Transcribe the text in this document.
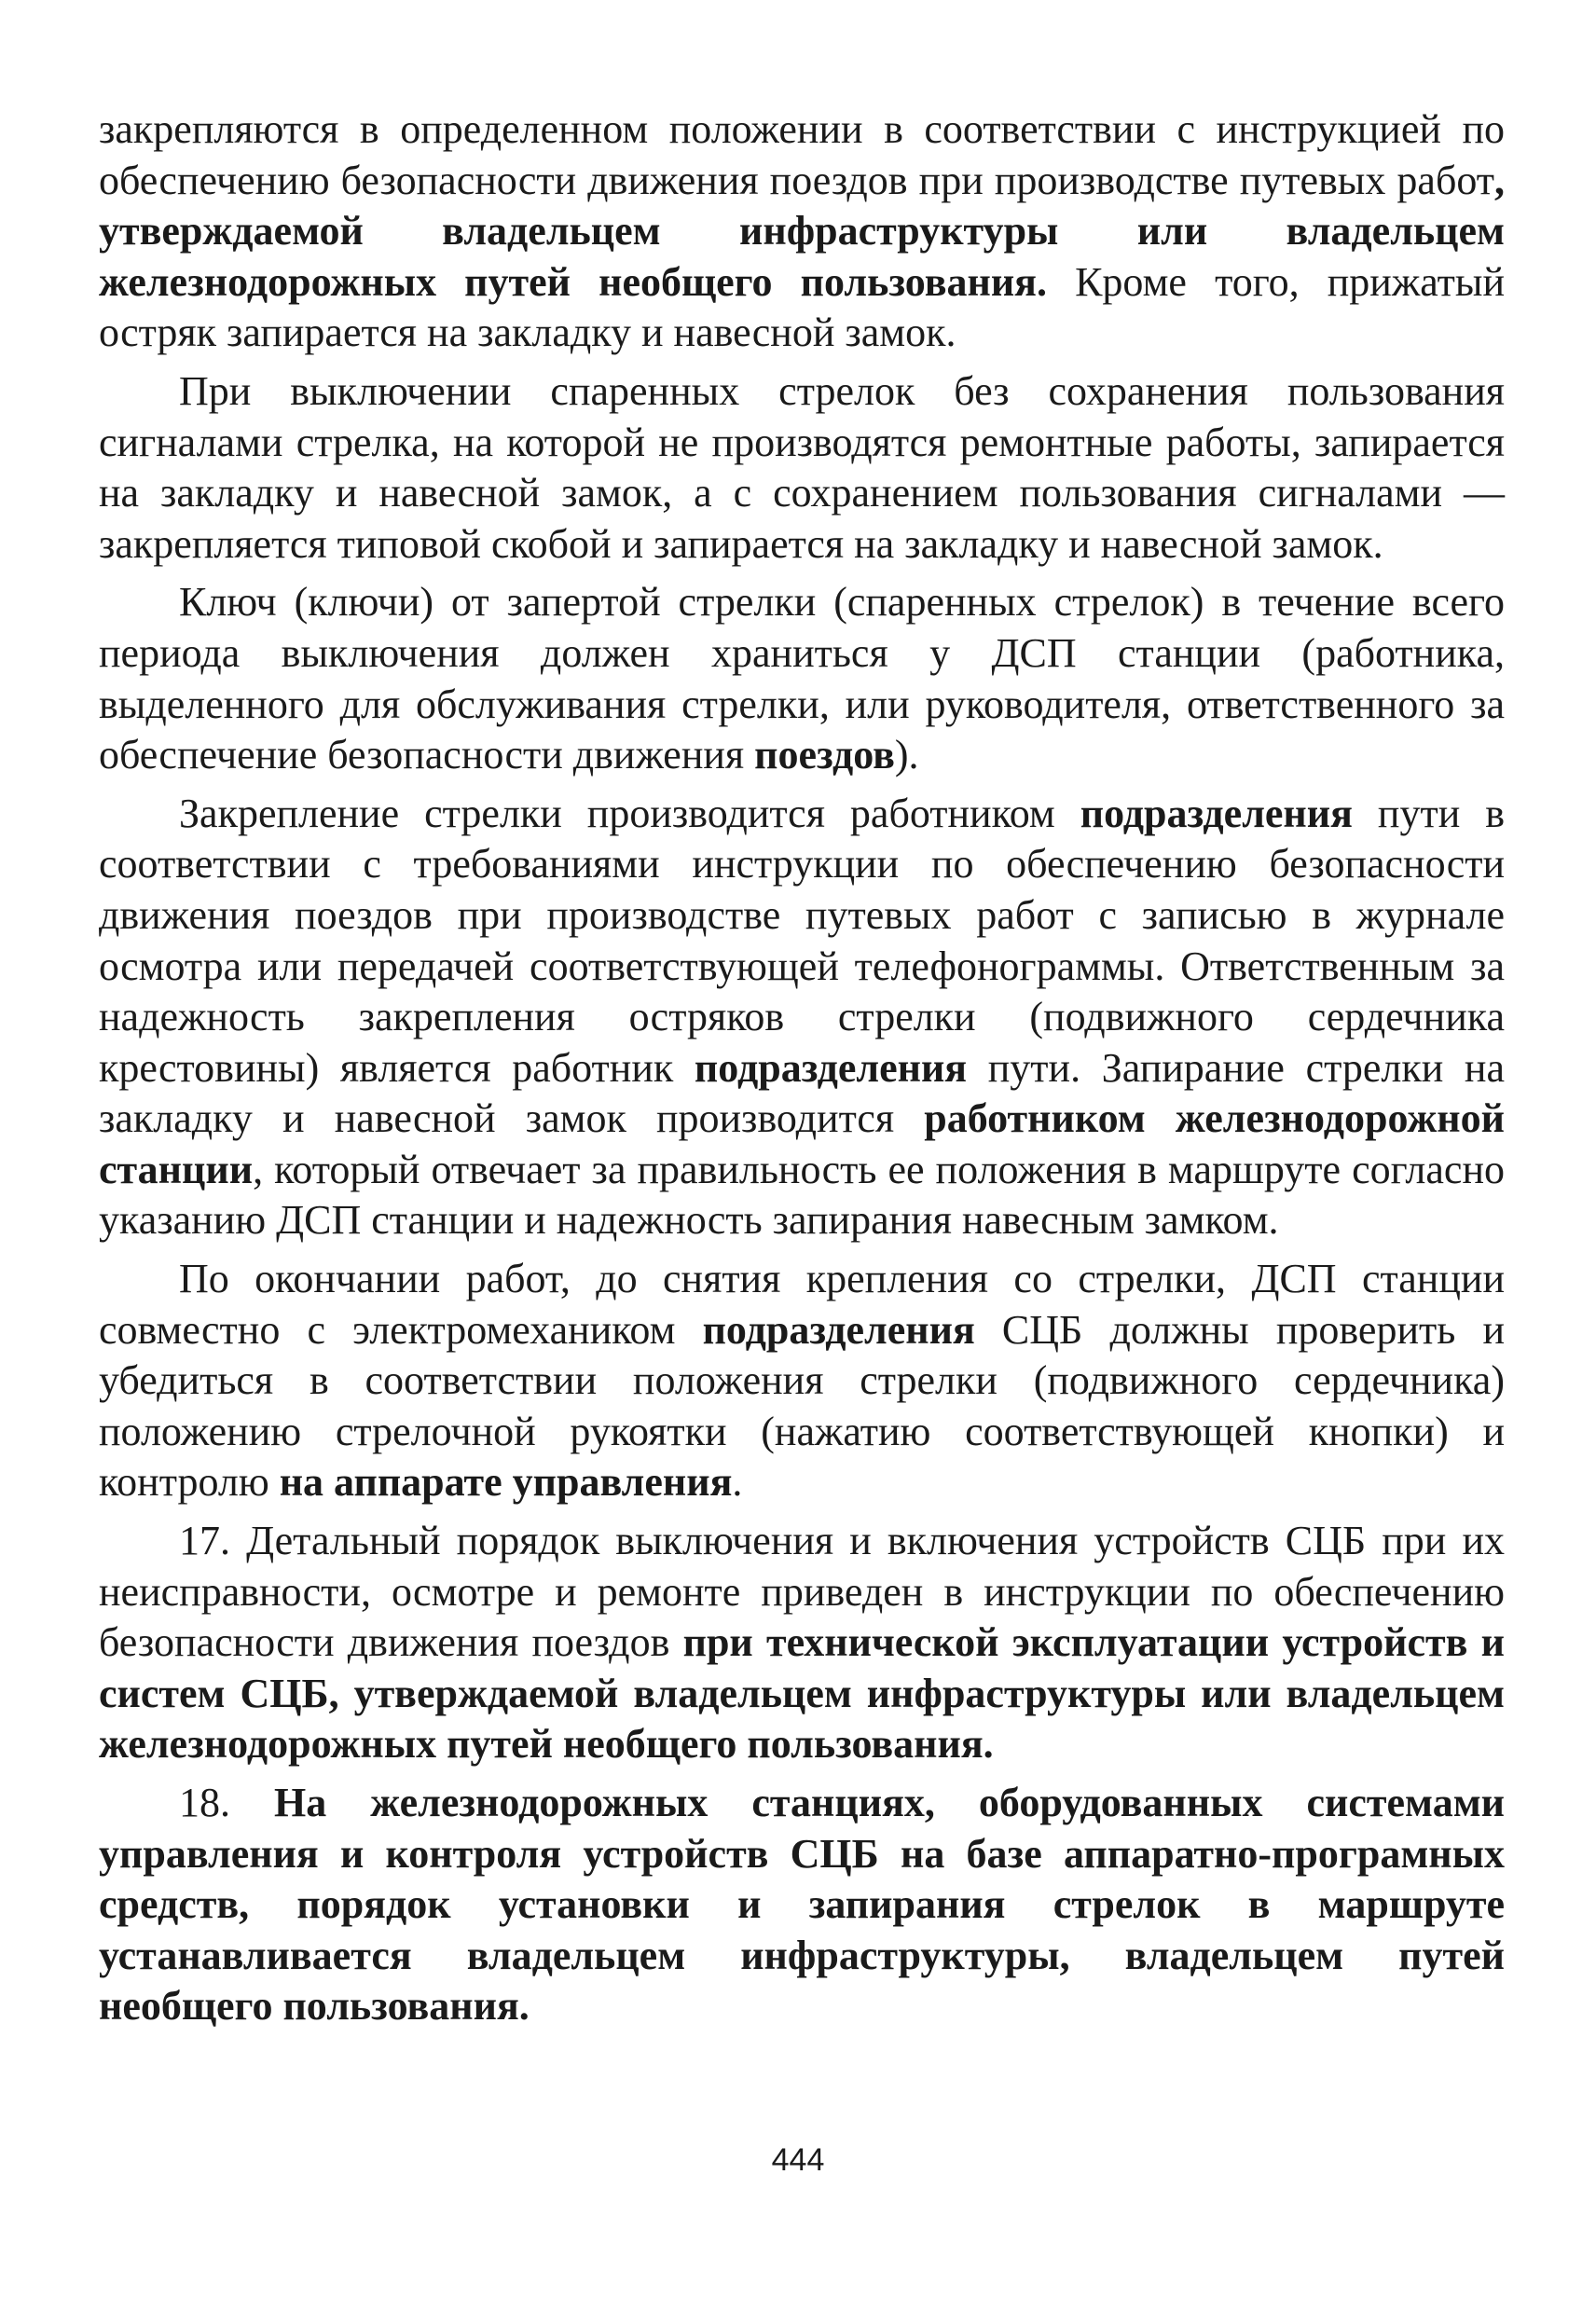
закрепляются в определенном положении в соответствии с инструкцией по обеспечению безопасности движения поездов при производстве путевых работ, утверждаемой владельцем инфраструктуры или владельцем железнодорожных путей необщего пользования. Кроме того, прижатый остряк запирается на закладку и навесной замок.

При выключении спаренных стрелок без сохранения пользования сигналами стрелка, на которой не производятся ремонтные работы, запирается на закладку и навесной замок, а с сохранением пользования сигналами — закрепляется типовой скобой и запирается на закладку и навесной замок.

Ключ (ключи) от запертой стрелки (спаренных стрелок) в течение всего периода выключения должен храниться у ДСП станции (работника, выделенного для обслуживания стрелки, или руководителя, ответственного за обеспечение безопасности движения поездов).

Закрепление стрелки производится работником подразделения пути в соответствии с требованиями инструкции по обеспечению безопасности движения поездов при производстве путевых работ с записью в журнале осмотра или передачей соответствующей телефонограммы. Ответственным за надежность закрепления остряков стрелки (подвижного сердечника крестовины) является работник подразделения пути. Запирание стрелки на закладку и навесной замок производится работником железнодорожной станции, который отвечает за правильность ее положения в маршруте согласно указанию ДСП станции и надежность запирания навесным замком.

По окончании работ, до снятия крепления со стрелки, ДСП станции совместно с электромехаником подразделения СЦБ должны проверить и убедиться в соответствии положения стрелки (подвижного сердечника) положению стрелочной рукоятки (нажатию соответствующей кнопки) и контролю на аппарате управления.

17. Детальный порядок выключения и включения устройств СЦБ при их неисправности, осмотре и ремонте приведен в инструкции по обеспечению безопасности движения поездов при технической эксплуатации устройств и систем СЦБ, утверждаемой владельцем инфраструктуры или владельцем железнодорожных путей необщего пользования.

18. На железнодорожных станциях, оборудованных системами управления и контроля устройств СЦБ на базе аппаратно-програмных средств, порядок установки и запирания стрелок в маршруте устанавливается владельцем инфраструктуры, владельцем путей необщего пользования.

444
